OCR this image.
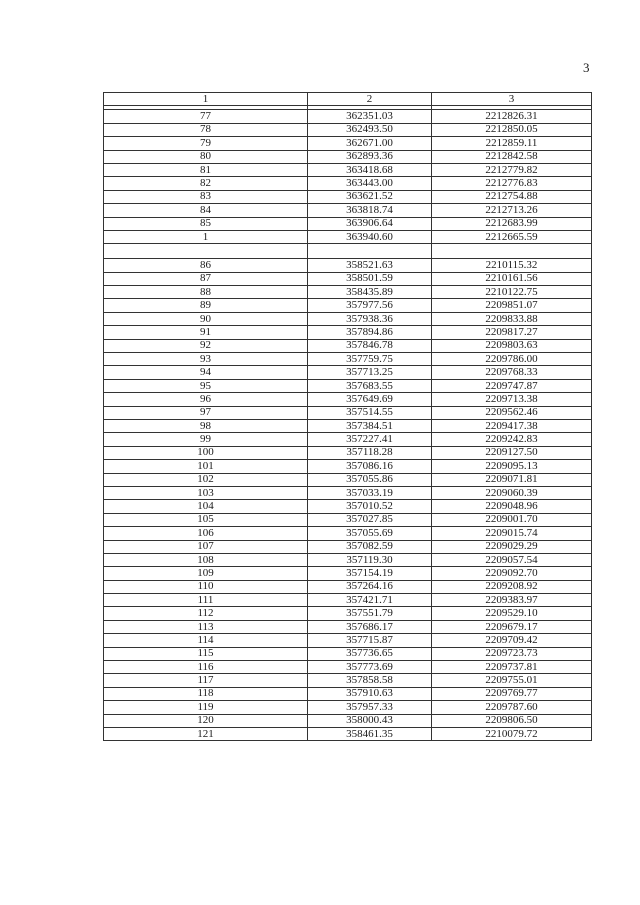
3
1	2	3

77	362351.03	2212826.31
78	362493.50	2212850.05
79	362671.00	2212859.11
80	362893.36	2212842.58
81	363418.68	2212779.82
82	363443.00	2212776.83
83	363621.52	2212754.88
84	363818.74	2212713.26
85	363906.64	2212683.99
1	363940.60	2212665.59

86	358521.63	2210115.32
87	358501.59	2210161.56
88	358435.89	2210122.75
89	357977.56	2209851.07
90	357938.36	2209833.88
91	357894.86	2209817.27
92	357846.78	2209803.63
93	357759.75	2209786.00
94	357713.25	2209768.33
95	357683.55	2209747.87
96	357649.69	2209713.38
97	357514.55	2209562.46
98	357384.51	2209417.38
99	357227.41	2209242.83
100	357118.28	2209127.50
101	357086.16	2209095.13
102	357055.86	2209071.81
103	357033.19	2209060.39
104	357010.52	2209048.96
105	357027.85	2209001.70
106	357055.69	2209015.74
107	357082.59	2209029.29
108	357119.30	2209057.54
109	357154.19	2209092.70
110	357264.16	2209208.92
111	357421.71	2209383.97
112	357551.79	2209529.10
113	357686.17	2209679.17
114	357715.87	2209709.42
115	357736.65	2209723.73
116	357773.69	2209737.81
117	357858.58	2209755.01
118	357910.63	2209769.77
119	357957.33	2209787.60
120	358000.43	2209806.50
121	358461.35	2210079.72
